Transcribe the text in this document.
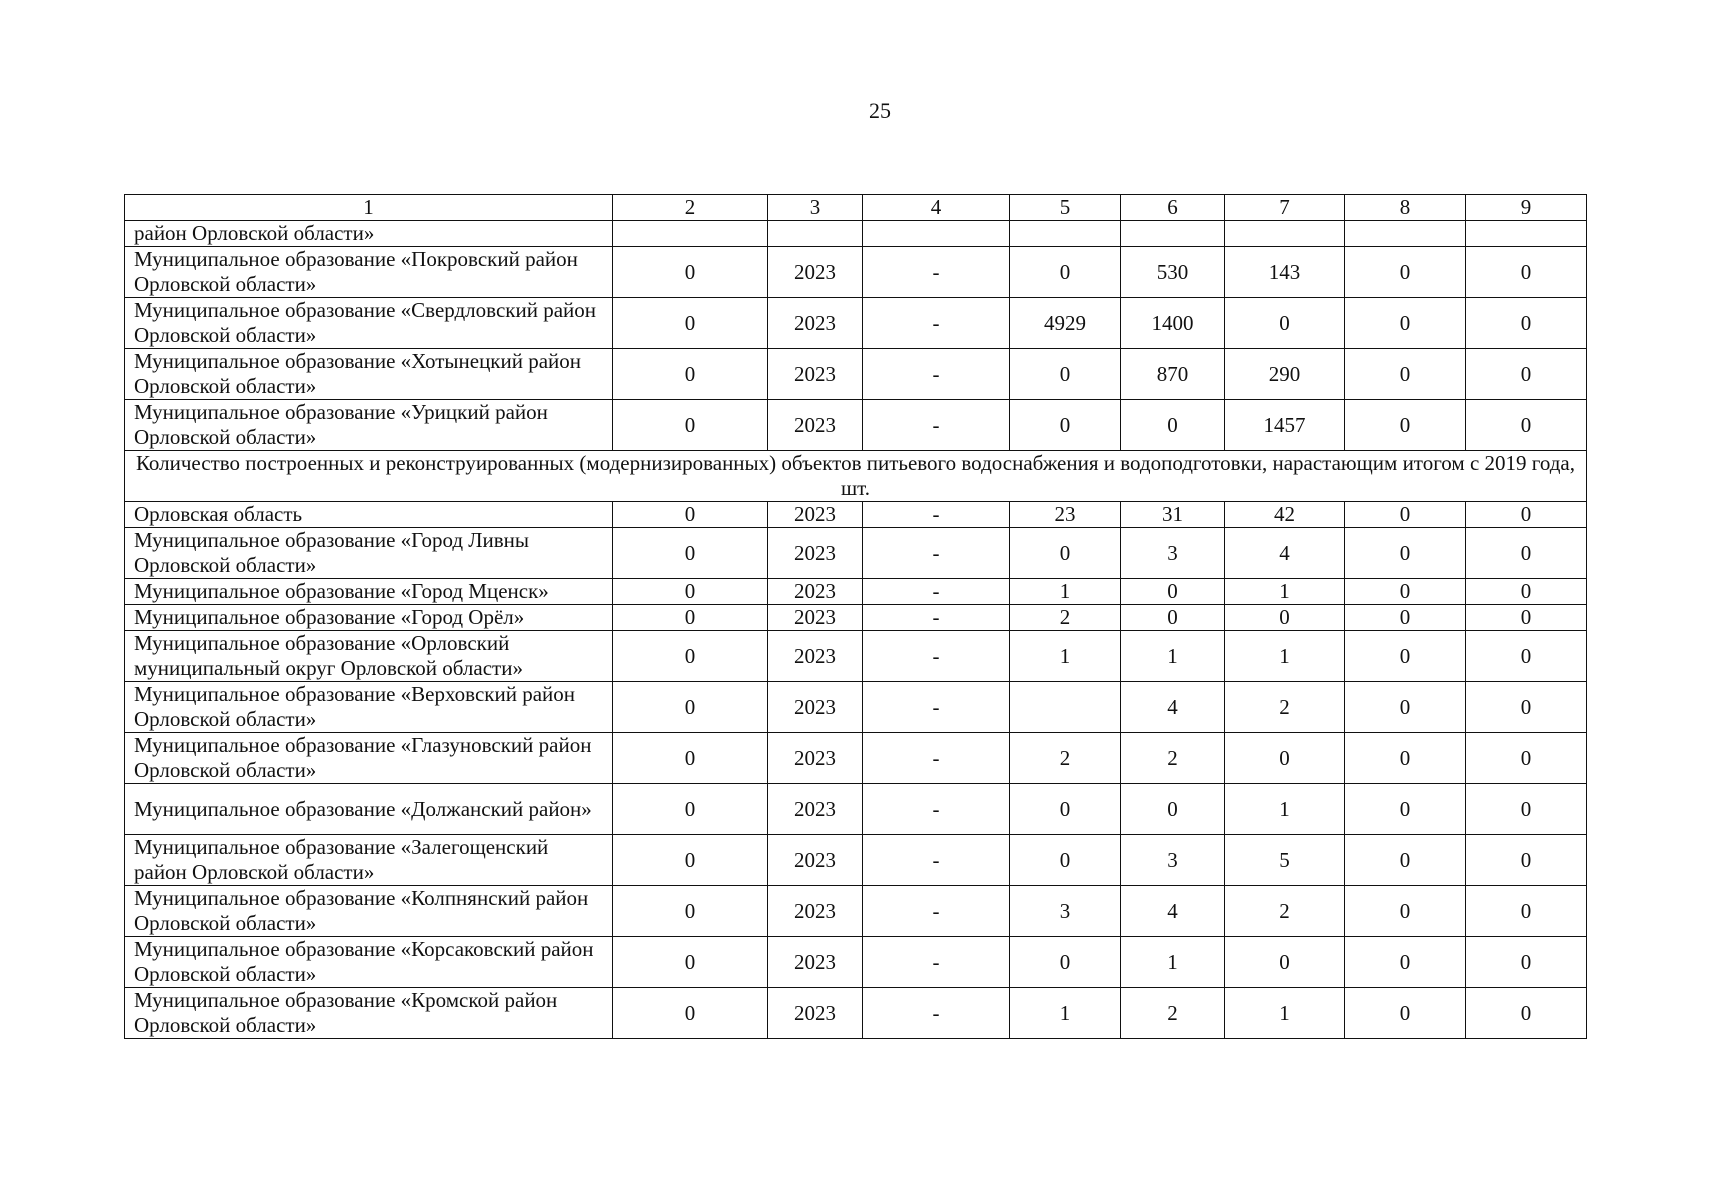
25
1	2	3	4	5	6	7	8	9
район Орловской области»								
Муниципальное образование «Покровский район Орловской области»	0	2023	-	0	530	143	0	0
Муниципальное образование «Свердловский район Орловской области»	0	2023	-	4929	1400	0	0	0
Муниципальное образование «Хотынецкий район Орловской области»	0	2023	-	0	870	290	0	0
Муниципальное образование «Урицкий район Орловской области»	0	2023	-	0	0	1457	0	0
Количество построенных и реконструированных (модернизированных) объектов питьевого водоснабжения и водоподготовки, нарастающим итогом с 2019 года, шт.								
Орловская область	0	2023	-	23	31	42	0	0
Муниципальное образование «Город Ливны Орловской области»	0	2023	-	0	3	4	0	0
Муниципальное образование «Город Мценск»	0	2023	-	1	0	1	0	0
Муниципальное образование «Город Орёл»	0	2023	-	2	0	0	0	0
Муниципальное образование «Орловский муниципальный округ Орловской области»	0	2023	-	1	1	1	0	0
Муниципальное образование «Верховский район Орловской области»	0	2023	-		4	2	0	0
Муниципальное образование «Глазуновский район Орловской области»	0	2023	-	2	2	0	0	0
Муниципальное образование «Должанский район»	0	2023	-	0	0	1	0	0
Муниципальное образование «Залегощенский район Орловской области»	0	2023	-	0	3	5	0	0
Муниципальное образование «Колпнянский район Орловской области»	0	2023	-	3	4	2	0	0
Муниципальное образование «Корсаковский район Орловской области»	0	2023	-	0	1	0	0	0
Муниципальное образование «Кромской район Орловской области»	0	2023	-	1	2	1	0	0
